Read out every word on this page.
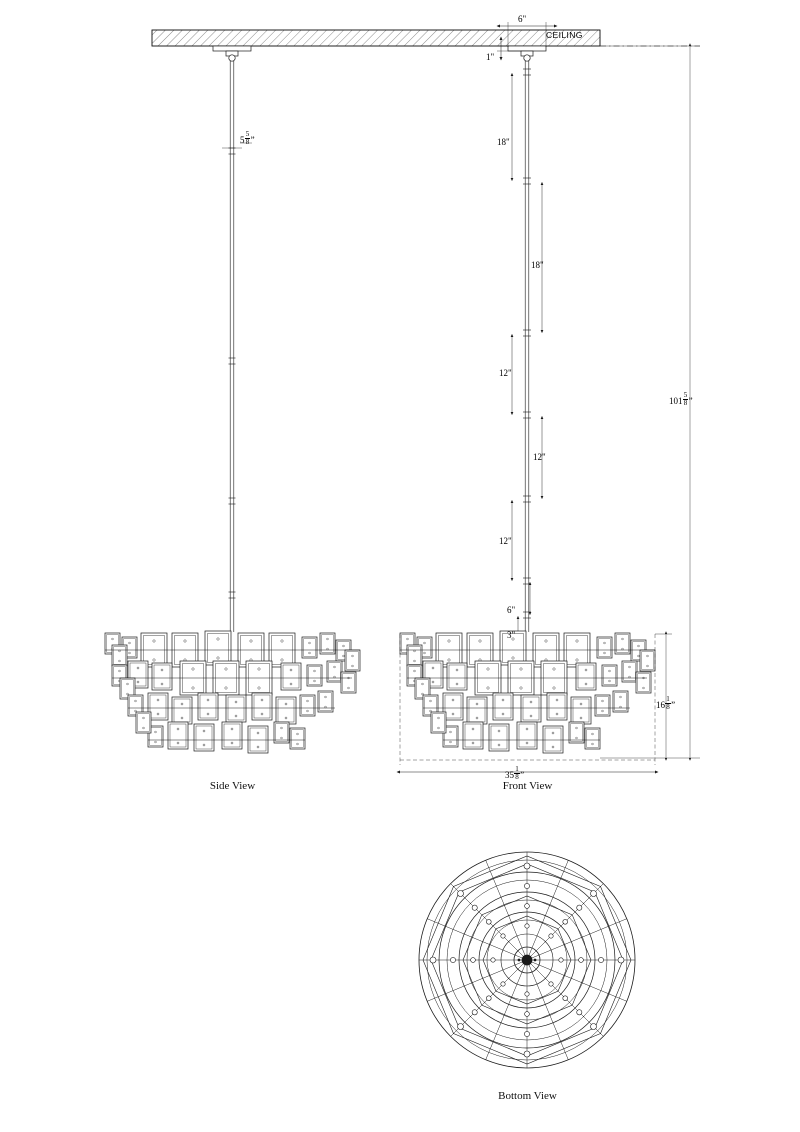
CEILING
Side View	Front View
Bottom View
6"
1"
$5 \frac{5}{8}$ ”	18"
18"
12"
12"
12"
6"
3"
$101 \frac{5}{8}$ ”
$16 \frac{1}{8}$ ”
$35 \frac{1}{8}$ ”
